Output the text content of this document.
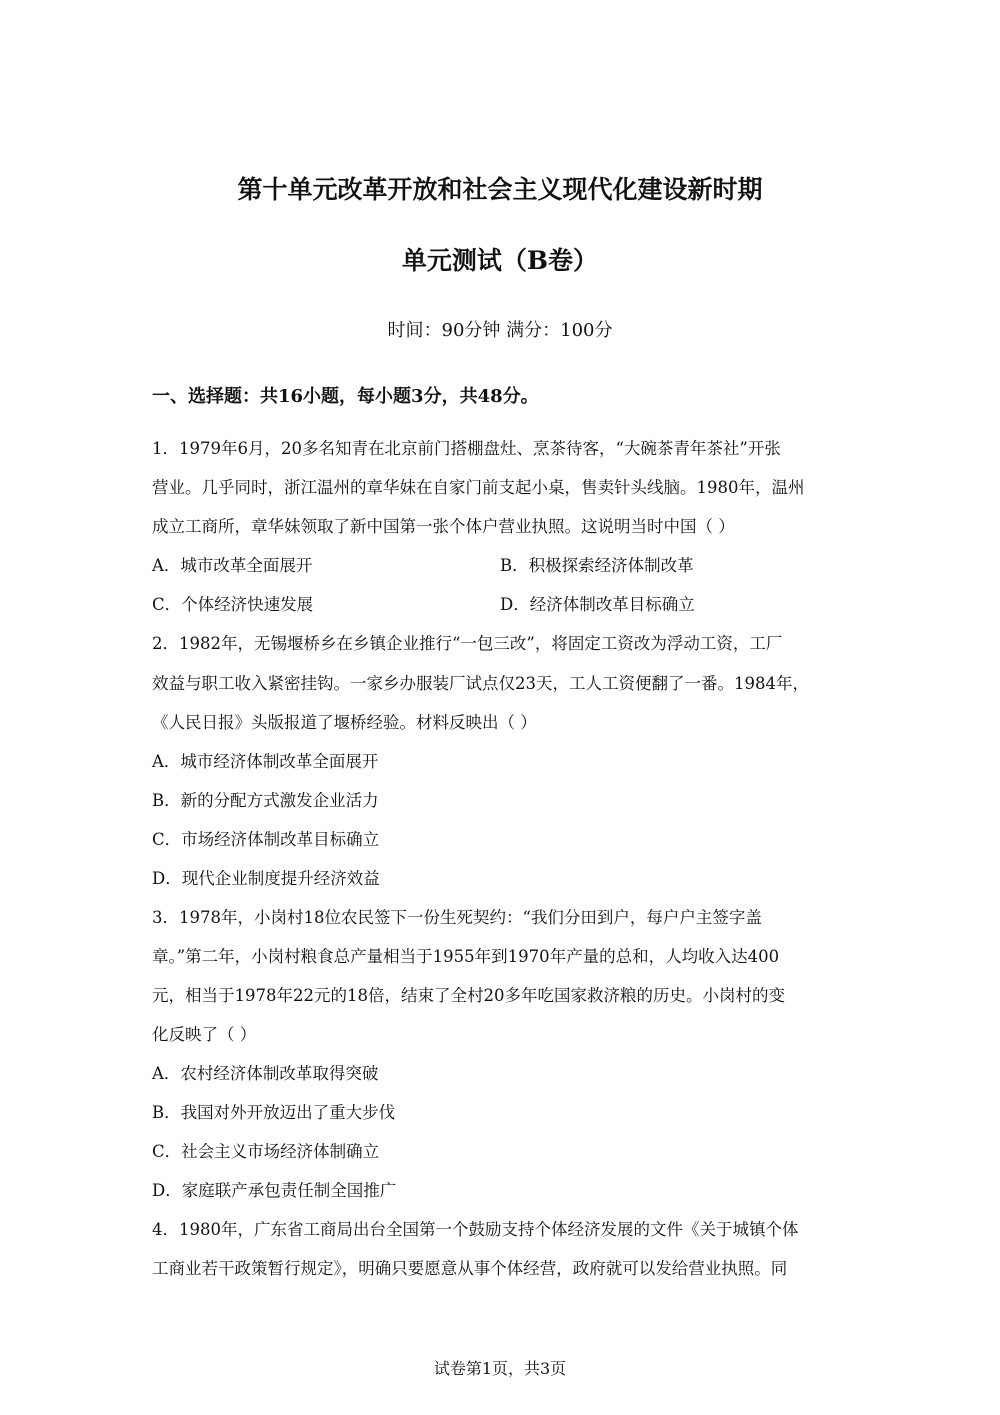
第十单元改革开放和社会主义现代化建设新时期
单元测试（B卷）
时间：90分钟 满分：100分
一、选择题：共16小题，每小题3分，共48分。
1．1979年6月，20多名知青在北京前门搭棚盘灶、烹茶待客，“大碗茶青年茶社”开张
营业。几乎同时，浙江温州的章华妹在自家门前支起小桌，售卖针头线脑。1980年，温州
成立工商所，章华妹领取了新中国第一张个体户营业执照。这说明当时中国（ ）
A．城市改革全面展开	B．积极探索经济体制改革
C．个体经济快速发展	D．经济体制改革目标确立
2．1982年，无锡堰桥乡在乡镇企业推行“一包三改”，将固定工资改为浮动工资，工厂
效益与职工收入紧密挂钩。一家乡办服装厂试点仅23天，工人工资便翻了一番。1984年，
《人民日报》头版报道了堰桥经验。材料反映出（ ）
A．城市经济体制改革全面展开
B．新的分配方式激发企业活力
C．市场经济体制改革目标确立
D．现代企业制度提升经济效益
3．1978年，小岗村18位农民签下一份生死契约：“我们分田到户，每户户主签字盖
章。”第二年，小岗村粮食总产量相当于1955年到1970年产量的总和，人均收入达400
元，相当于1978年22元的18倍，结束了全村20多年吃国家救济粮的历史。小岗村的变
化反映了（ ）
A．农村经济体制改革取得突破
B．我国对外开放迈出了重大步伐
C．社会主义市场经济体制确立
D．家庭联产承包责任制全国推广
4．1980年，广东省工商局出台全国第一个鼓励支持个体经济发展的文件《关于城镇个体
工商业若干政策暂行规定》，明确只要愿意从事个体经营，政府就可以发给营业执照。同
试卷第1页，共3页
